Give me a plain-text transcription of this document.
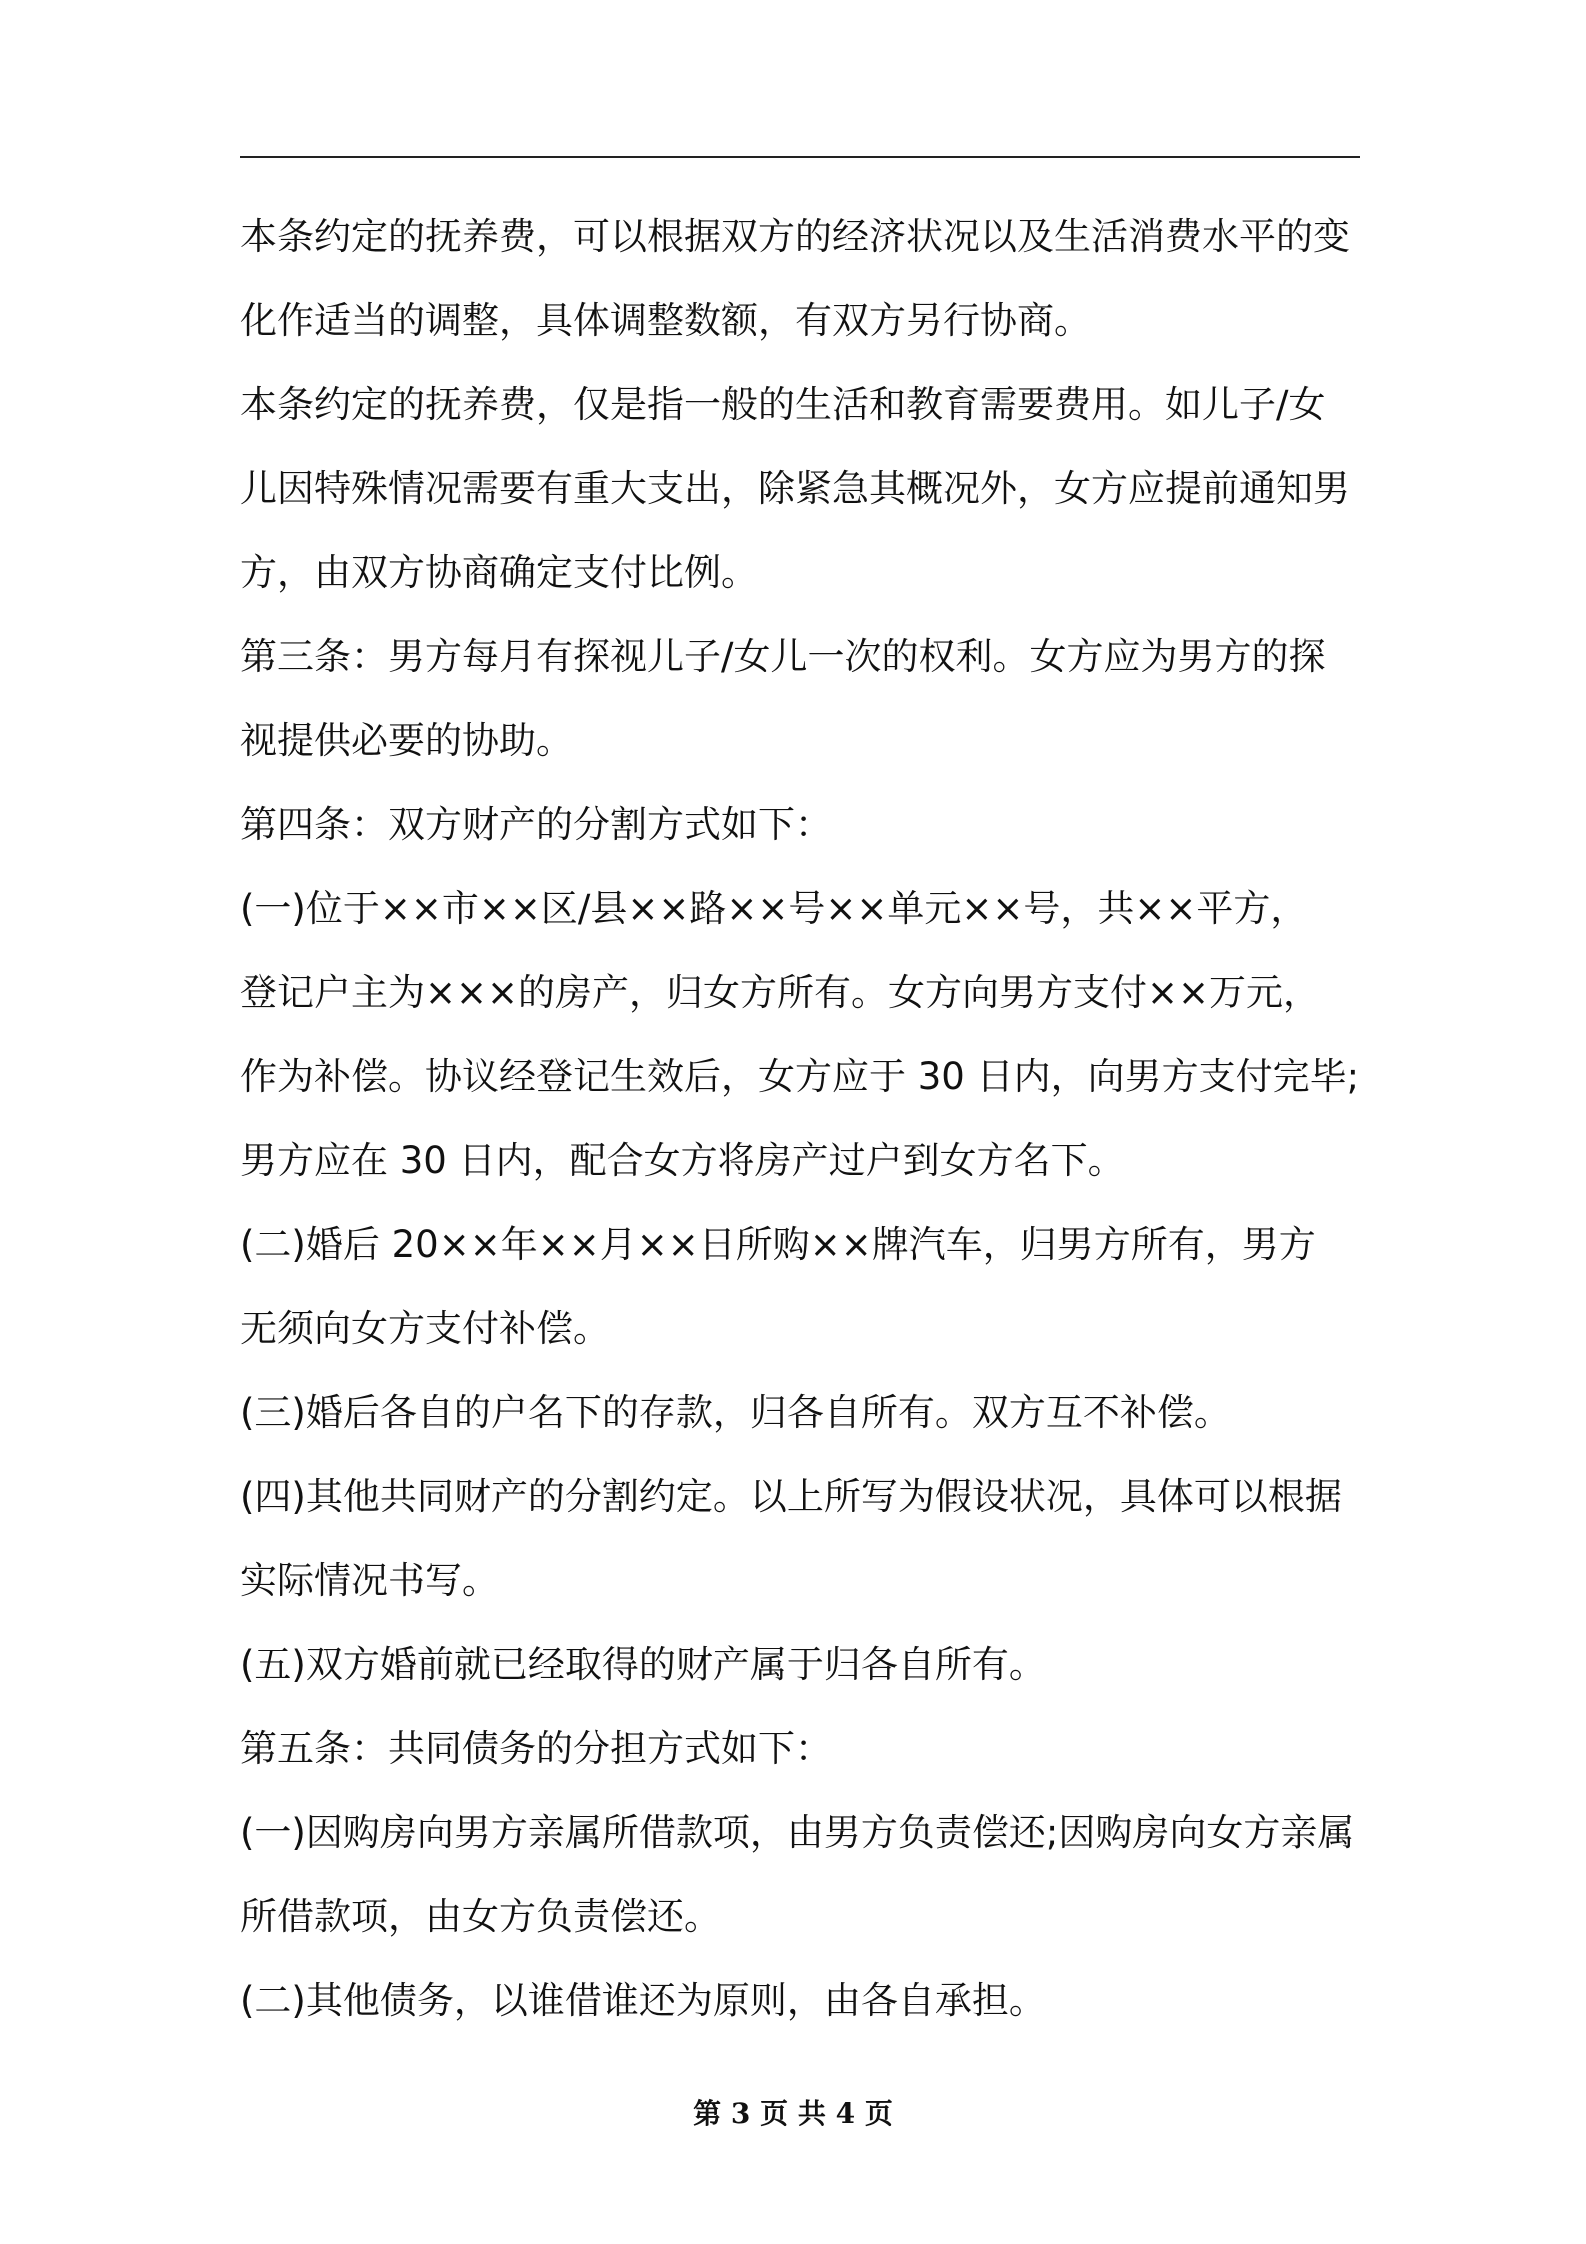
本条约定的抚养费，可以根据双方的经济状况以及生活消费水平的变
化作适当的调整，具体调整数额，有双方另行协商。
本条约定的抚养费，仅是指一般的生活和教育需要费用。如儿子/女
儿因特殊情况需要有重大支出，除紧急其概况外，女方应提前通知男
方，由双方协商确定支付比例。
第三条：男方每月有探视儿子/女儿一次的权利。女方应为男方的探
视提供必要的协助。
第四条：双方财产的分割方式如下：
(一)位于××市××区/县××路××号××单元××号，共××平方，
登记户主为×××的房产，归女方所有。女方向男方支付××万元，
作为补偿。协议经登记生效后，女方应于 30 日内，向男方支付完毕;
男方应在 30 日内，配合女方将房产过户到女方名下。
(二)婚后 20××年××月××日所购××牌汽车，归男方所有，男方
无须向女方支付补偿。
(三)婚后各自的户名下的存款，归各自所有。双方互不补偿。
(四)其他共同财产的分割约定。以上所写为假设状况，具体可以根据
实际情况书写。
(五)双方婚前就已经取得的财产属于归各自所有。
第五条：共同债务的分担方式如下：
(一)因购房向男方亲属所借款项，由男方负责偿还;因购房向女方亲属
所借款项，由女方负责偿还。
(二)其他债务，以谁借谁还为原则，由各自承担。
第 3 页 共 4 页
